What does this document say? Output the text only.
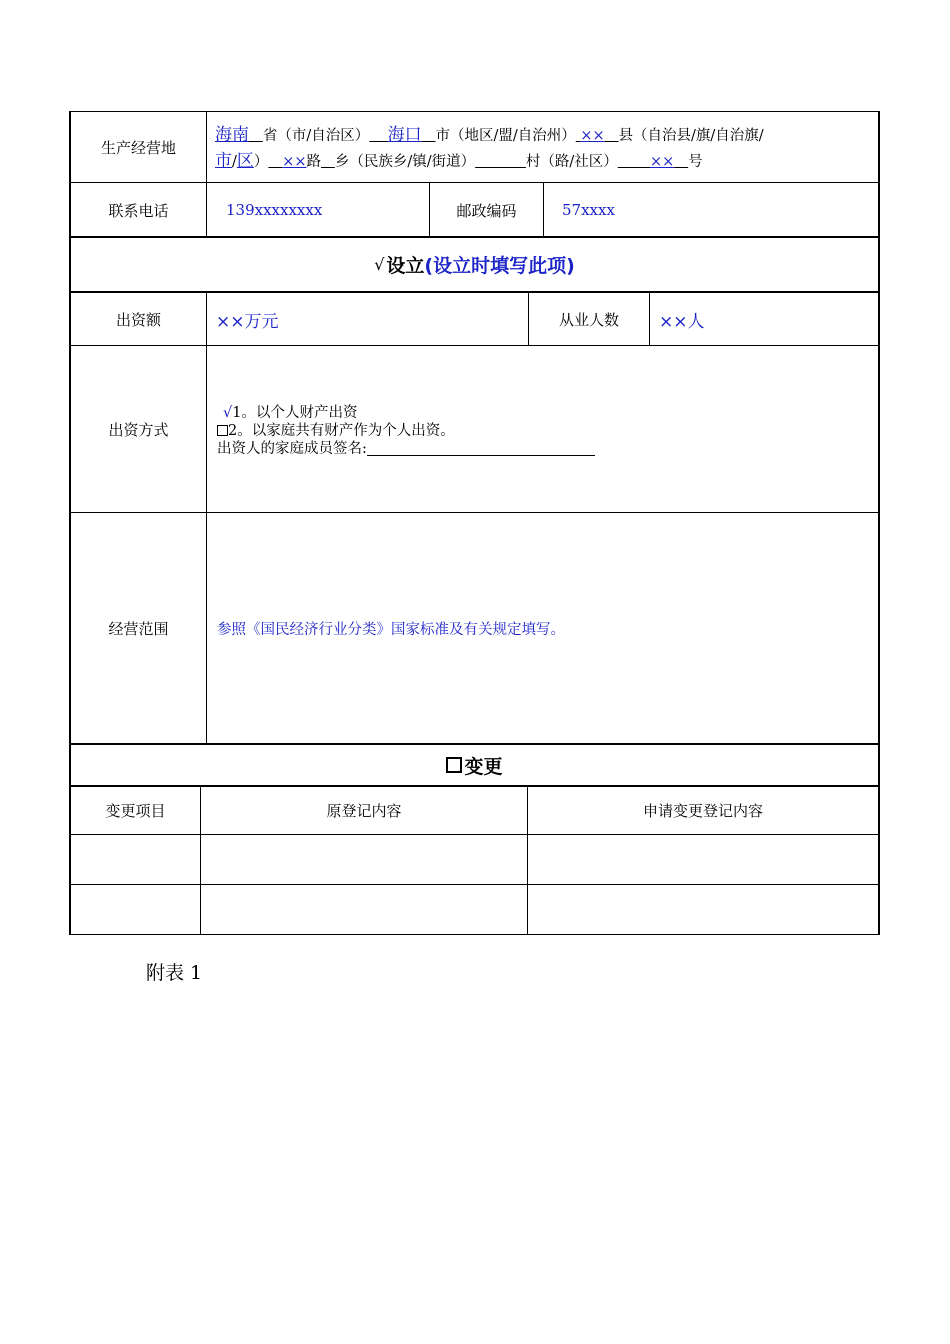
生产经营地
海南 省（市/自治区） 海口 市（地区/盟/自治州） ×× 县（自治县/旗/自治旗/
市/区） ××路 乡（民族乡/镇/街道）	村（路/社区） ×× 号
联系电话	139xxxxxxxx	邮政编码	57xxxx
√ 设立 (设立时填写此项)
出资额	××万元	从业人数 ××人
出资方式
√1。以个人财产出资
2。以家庭共有财产作为个人出资。
出资人的家庭成员签名:
经营范围	参照《国民经济行业分类》国家标准及有关规定填写。
变更
变更项目	原登记内容	申请变更登记内容
附表 1
